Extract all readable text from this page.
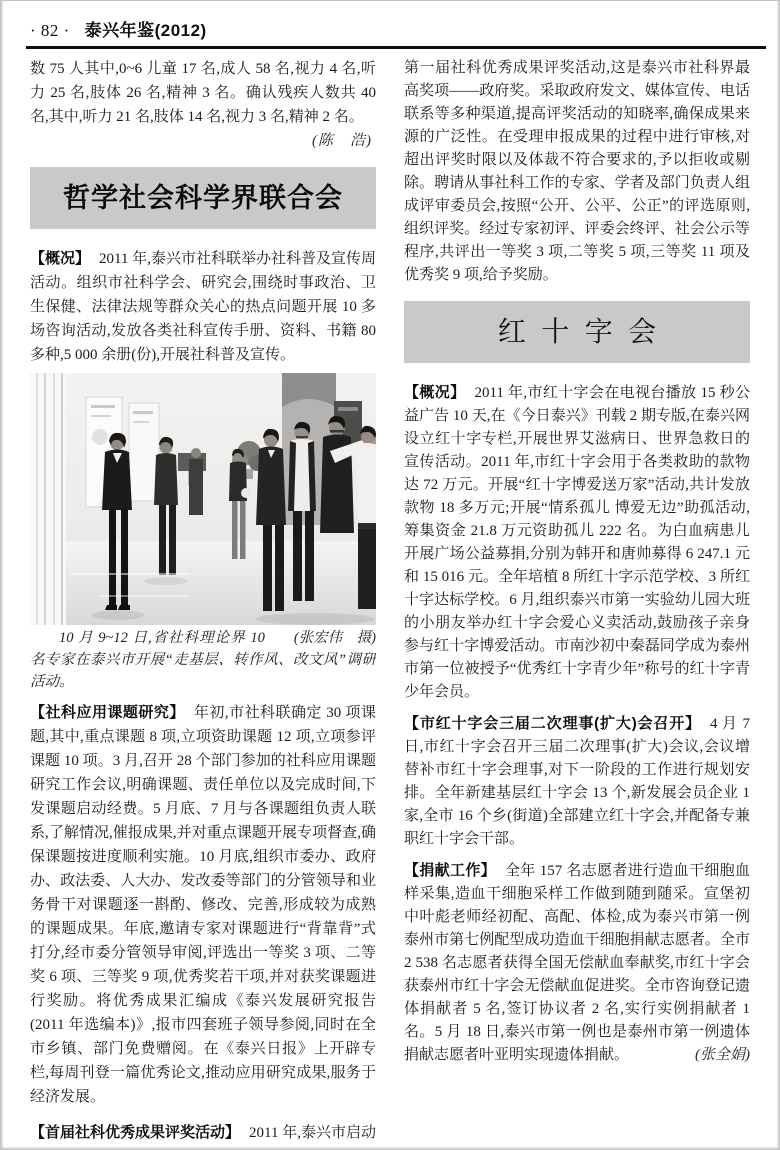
· 82 · 泰兴年鉴(2012)

数 75 人其中,0~6 儿童 17 名,成人 58 名,视力 4 名,听力 25 名,肢体 26 名,精神 3 名。确认残疾人数共 40 名,其中,听力 21 名,肢体 14 名,视力 3 名,精神 2 名。

(陈　浩)
哲学社会科学界联合会

【概况】 2011 年,泰兴市社科联举办社科普及宣传周活动。组织市社科学会、研究会,围绕时事政治、卫生保健、法律法规等群众关心的热点问题开展 10 多场咨询活动,发放各类社科宣传手册、资料、书籍 80 多种,5 000 余册(份),开展社科普及宣传。

(张宏伟　摄)
10 月 9~12 日,省社科理论界 10 名专家在泰兴市开展“走基层、转作风、改文风”调研活动。

【社科应用课题研究】 年初,市社科联确定 30 项课题,其中,重点课题 8 项,立项资助课题 12 项,立项参评课题 10 项。3 月,召开 28 个部门参加的社科应用课题研究工作会议,明确课题、责任单位以及完成时间,下发课题启动经费。5 月底、7 月与各课题组负责人联系,了解情况,催报成果,并对重点课题开展专项督查,确保课题按进度顺利实施。10 月底,组织市委办、政府办、政法委、人大办、发改委等部门的分管领导和业务骨干对课题逐一斟酌、修改、完善,形成较为成熟的课题成果。年底,邀请专家对课题进行“背靠背”式打分,经市委分管领导审阅,评选出一等奖 3 项、二等奖 6 项、三等奖 9 项,优秀奖若干项,并对获奖课题进行奖励。将优秀成果汇编成《泰兴发展研究报告(2011 年选编本)》,报市四套班子领导参阅,同时在全市乡镇、部门免费赠阅。在《泰兴日报》上开辟专栏,每周刊登一篇优秀论文,推动应用研究成果,服务于经济发展。

【首届社科优秀成果评奖活动】 2011 年,泰兴市启动

第一届社科优秀成果评奖活动,这是泰兴市社科界最高奖项——政府奖。采取政府发文、媒体宣传、电话联系等多种渠道,提高评奖活动的知晓率,确保成果来源的广泛性。在受理申报成果的过程中进行审核,对超出评奖时限以及体裁不符合要求的,予以拒收或剔除。聘请从事社科工作的专家、学者及部门负责人组成评审委员会,按照“公开、公平、公正”的评选原则,组织评奖。经过专家初评、评委会终评、社会公示等程序,共评出一等奖 3 项,二等奖 5 项,三等奖 11 项及优秀奖 9 项,给予奖励。

红十字会

【概况】 2011 年,市红十字会在电视台播放 15 秒公益广告 10 天,在《今日泰兴》刊载 2 期专版,在泰兴网设立红十字专栏,开展世界艾滋病日、世界急救日的宣传活动。2011 年,市红十字会用于各类救助的款物达 72 万元。开展“红十字博爱送万家”活动,共计发放款物 18 多万元;开展“情系孤儿 博爱无边”助孤活动,筹集资金 21.8 万元资助孤儿 222 名。为白血病患儿开展广场公益募捐,分别为韩开和唐帅募得 6 247.1 元和 15 016 元。全年培植 8 所红十字示范学校、3 所红十字达标学校。6 月,组织泰兴市第一实验幼儿园大班的小朋友举办红十字会爱心义卖活动,鼓励孩子亲身参与红十字博爱活动。市南沙初中秦磊同学成为泰州市第一位被授予“优秀红十字青少年”称号的红十字青少年会员。

【市红十字会三届二次理事(扩大)会召开】 4 月 7 日,市红十字会召开三届二次理事(扩大)会议,会议增替补市红十字会理事,对下一阶段的工作进行规划安排。全年新建基层红十字会 13 个,新发展会员企业 1 家,全市 16 个乡(街道)全部建立红十字会,并配备专兼职红十字会干部。

【捐献工作】 全年 157 名志愿者进行造血干细胞血样采集,造血干细胞采样工作做到随到随采。宣堡初中叶彪老师经初配、高配、体检,成为泰兴市第一例泰州市第七例配型成功造血干细胞捐献志愿者。全市 2 538 名志愿者获得全国无偿献血奉献奖,市红十字会获泰州市红十字会无偿献血促进奖。全市咨询登记遗体捐献者 5 名,签订协议者 2 名,实行实例捐献者 1 名。5 月 18 日,泰兴市第一例也是泰州市第一例遗体捐献志愿者叶亚明实现遗体捐献。	(张全娟)
